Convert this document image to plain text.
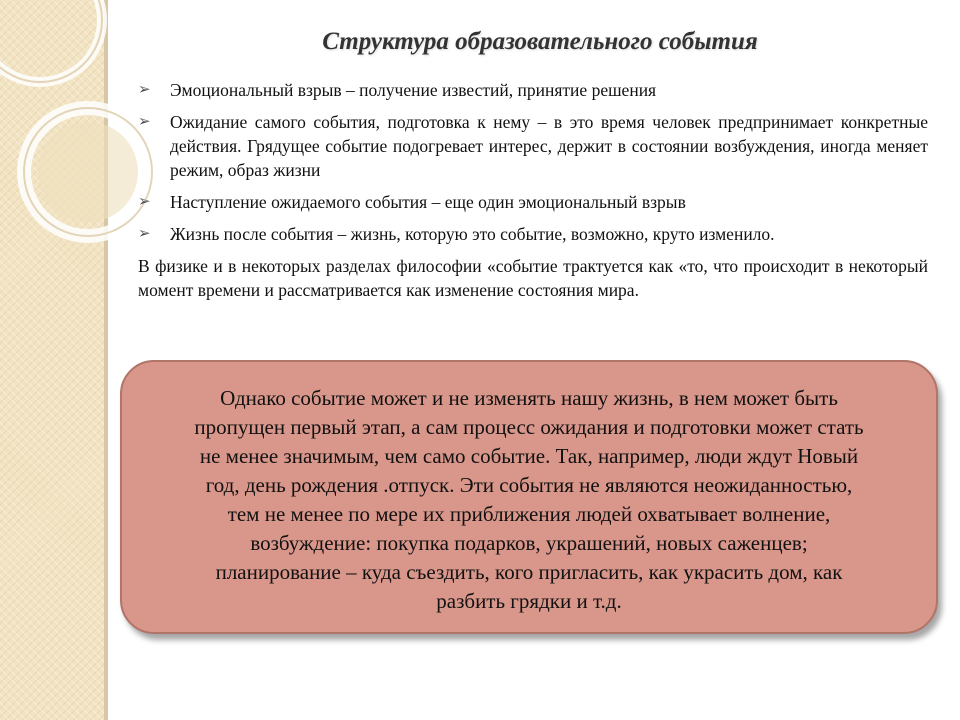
Структура образовательного события
➢ Эмоциональный взрыв – получение известий, принятие решения
➢ Ожидание самого события, подготовка к нему – в это время человек предпринимает конкретные действия. Грядущее событие подогревает интерес, держит в состоянии возбуждения, иногда меняет режим, образ жизни
➢ Наступление ожидаемого события – еще один эмоциональный взрыв
➢ Жизнь после события – жизнь, которую это событие, возможно, круто изменило.

В физике и в некоторых разделах философии «событие трактуется как «то, что происходит в некоторый момент времени и рассматривается как изменение состояния мира.

Однако событие может и не изменять нашу жизнь, в нем может быть пропущен первый этап, а сам процесс ожидания и подготовки может стать не менее значимым, чем само событие. Так, например, люди ждут Новый год, день рождения .отпуск. Эти события не являются неожиданностью, тем не менее по мере их приближения людей охватывает волнение, возбуждение: покупка подарков, украшений, новых саженцев; планирование – куда съездить, кого пригласить, как украсить дом, как разбить грядки и т.д.
